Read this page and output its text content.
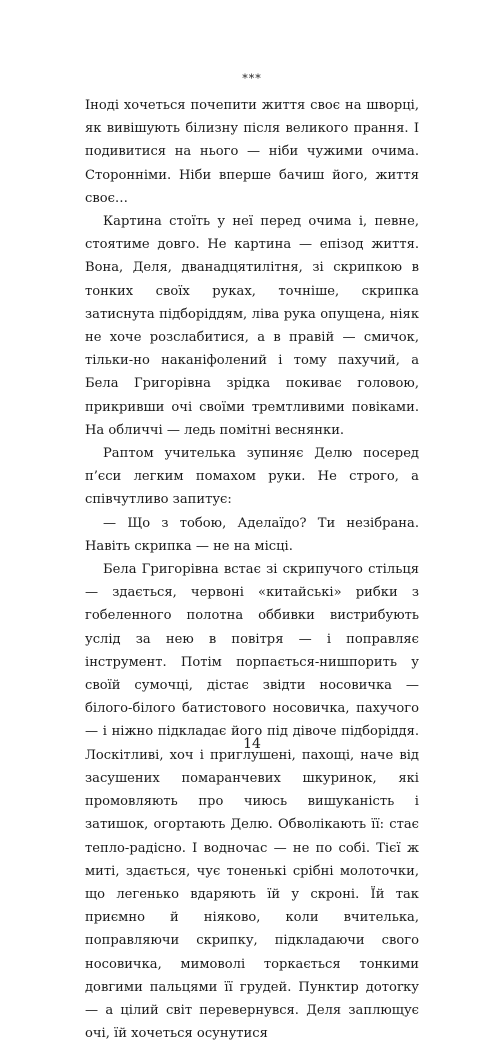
***

Іноді хочеться почепити життя своє на шворці, як вивішують білизну після великого прання. І подивитися на нього — ніби чужими очима. Сторонніми. Ніби вперше бачиш його, життя своє…

Картина стоїть у неї перед очима і, певне, стоятиме довго. Не картина — епізод життя. Вона, Деля, дванадцятилітня, зі скрипкою в тонких своїх руках, точніше, скрипка затиснута підборіддям, ліва рука опущена, ніяк не хоче розслабитися, а в правій — смичок, тільки-но наканіфолений і тому пахучий, а Бела Григорівна зрідка покиває головою, прикривши очі своїми тремтливими повіками. На обличчі — ледь помітні веснянки.

Раптом учителька зупиняє Делю посеред п’єси легким помахом руки. Не строго, а співчутливо запитує:

— Що з тобою, Аделаїдо? Ти незібрана. Навіть скрипка — не на місці.

Бела Григорівна встає зі скрипучого стільця — здається, червоні «китайські» рибки з гобеленного полотна оббивки вистрибують услід за нею в повітря — і поправляє інструмент. Потім порпається-нишпорить у своїй сумочці, дістає звідти носовичка — білого-білого батистового носовичка, пахучого — і ніжно підкладає його під дівоче підборіддя. Лоскітливі, хоч і приглушені, пахощі, наче від засушених помаранчевих шкуринок, які промовляють про чиюсь вишуканість і затишок, огортають Делю. Обволікають її: стає тепло-радісно. І водночас — не по собі. Тієї ж миті, здається, чує тоненькі срібні молоточки, що легенько вдаряють їй у скроні. Їй так приємно й ніяково, коли вчителька, поправляючи скрипку, підкладаючи свого носовичка, мимоволі торкається тонкими довгими пальцями її грудей. Пунктир дотorку — а цілий світ перевернувся. Деля заплющує очі, їй хочеться осунутися

14
